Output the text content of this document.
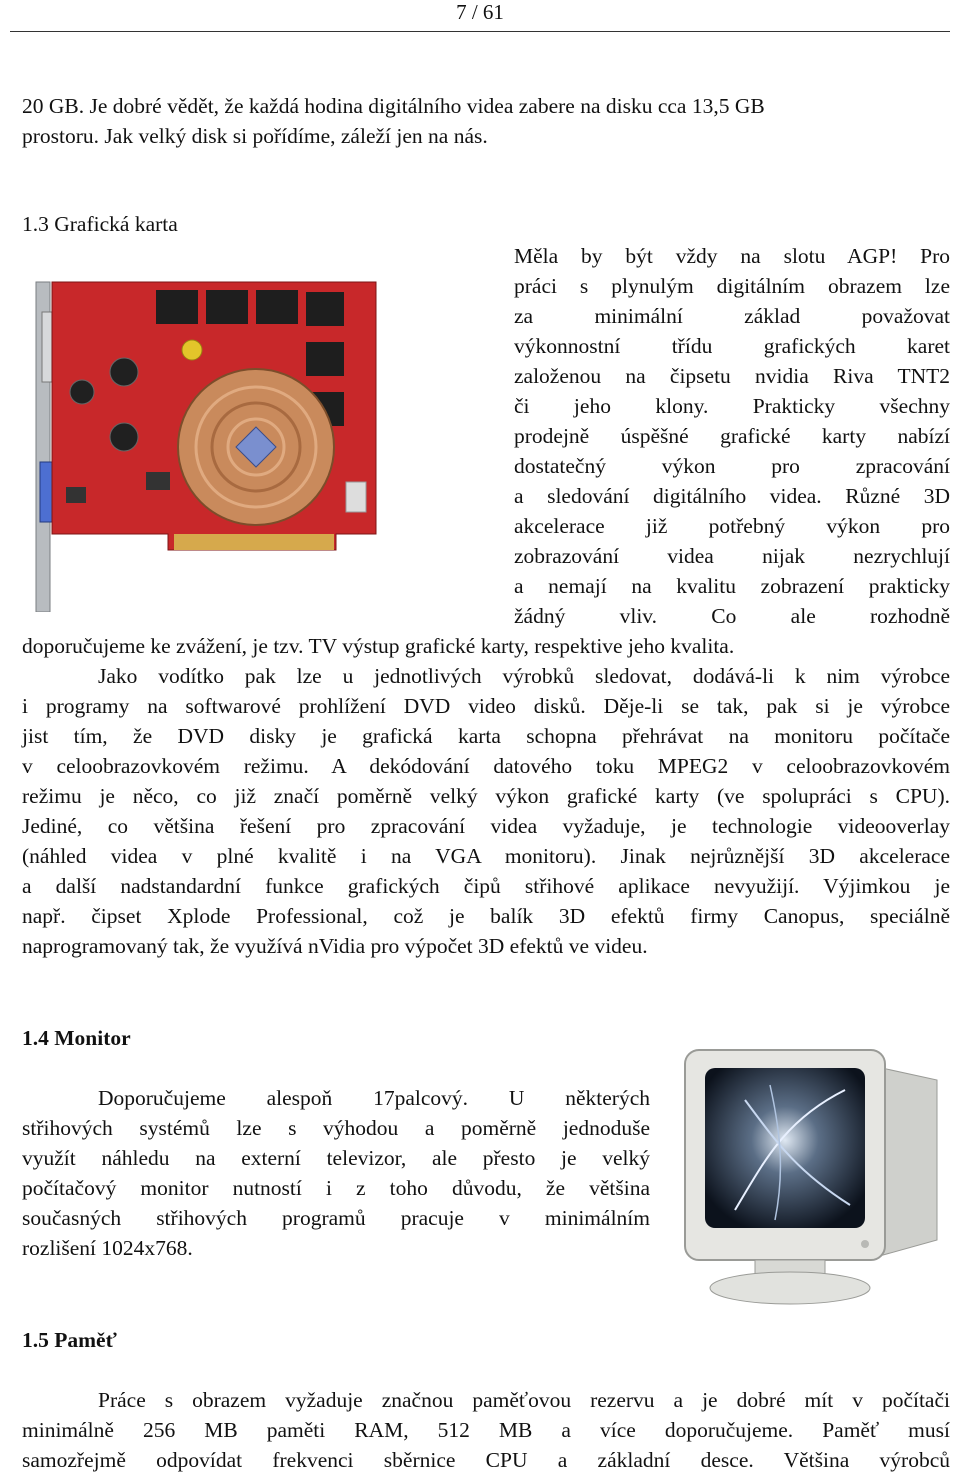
7 / 61
20 GB. Je dobré vědět, že každá hodina digitálního videa zabere na disku cca 13,5 GB
prostoru. Jak velký disk si pořídíme, záleží jen na nás.
1.3 Grafická karta
Měla by být vždy na slotu AGP! Pro
práci s plynulým digitálním obrazem lze
za minimální základ považovat
výkonnostní třídu grafických karet
založenou na čipsetu nvidia Riva TNT2
či jeho klony. Prakticky všechny
prodejně úspěšné grafické karty nabízí
dostatečný výkon pro zpracování
a sledování digitálního videa. Různé 3D
akcelerace již potřebný výkon pro
zobrazování videa nijak nezrychlují
a nemají na kvalitu zobrazení prakticky
žádný vliv. Co ale rozhodně
doporučujeme ke zvážení, je tzv. TV výstup grafické karty, respektive jeho kvalita.
Jako vodítko pak lze u jednotlivých výrobků sledovat, dodává-li k nim výrobce
i programy na softwarové prohlížení DVD video disků. Děje-li se tak, pak si je výrobce
jist tím, že DVD disky je grafická karta schopna přehrávat na monitoru počítače
v celoobrazovkovém režimu. A dekódování datového toku MPEG2 v celoobrazovkovém
režimu je něco, co již značí poměrně velký výkon grafické karty (ve spolupráci s CPU).
Jediné, co většina řešení pro zpracování videa vyžaduje, je technologie videooverlay
(náhled videa v plné kvalitě i na VGA monitoru). Jinak nejrůznější 3D akcelerace
a další nadstandardní funkce grafických čipů střihové aplikace nevyužijí. Výjimkou je
např. čipset Xplode Professional, což je balík 3D efektů firmy Canopus, speciálně
naprogramovaný tak, že využívá nVidia pro výpočet 3D efektů ve videu.
1.4 Monitor
Doporučujeme alespoň 17palcový. U některých
střihových systémů lze s výhodou a poměrně jednoduše
využít náhledu na externí televizor, ale přesto je velký
počítačový monitor nutností i z toho důvodu, že většina
současných střihových programů pracuje v minimálním
rozlišení 1024x768.
1.5 Paměť
Práce s obrazem vyžaduje značnou paměťovou rezervu a je dobré mít v počítači
minimálně 256 MB paměti RAM, 512 MB a více doporučujeme. Paměť musí
samozřejmě odpovídat frekvenci sběrnice CPU a základní desce. Většina výrobců
